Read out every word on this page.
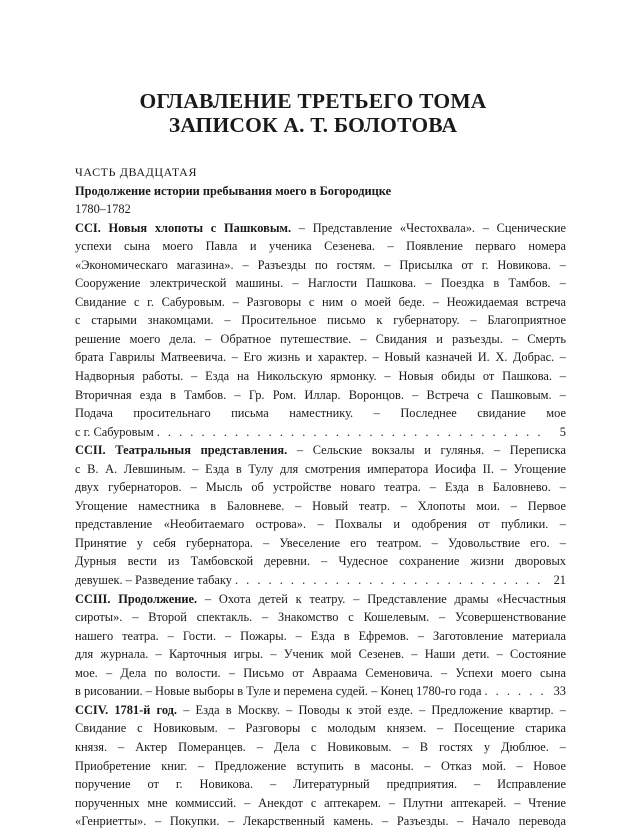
ОГЛАВЛЕНИЕ ТРЕТЬЕГО ТОМА
ЗАПИСОК А. Т. БОЛОТОВА
ЧАСТЬ ДВАДЦАТАЯ
Продолжение истории пребывания моего в Богородицке
1780–1782
CCI. Новыя хлопоты с Пашковым. – Представление «Честохвала». – Сценические
успехи сына моего Павла и ученика Сезенева. – Появление перваго номера
«Экономическаго магазина». – Разъезды по гостям. – Присылка от г. Новикова. –
Сооружение электрической машины. – Наглости Пашкова. – Поездка в Тамбов. –
Свидание с г. Сабуровым. – Разговоры с ним о моей беде. – Неожидаемая встреча
с старыми знакомцами. – Просительное письмо к губернатору. – Благоприятное
решение моего дела. – Обратное путешествие. – Свидания и разъезды. – Смерть
брата Гаврилы Матвеевича. – Его жизнь и характер. – Новый казначей И. Х. Добрас. –
Надворныя работы. – Езда на Никольскую ярмонку. – Новыя обиды от Пашкова. –
Вторичная езда в Тамбов. – Гр. Ром. Иллар. Воронцов. – Встреча с Пашковым. –
Подача просительнаго письма наместнику. – Последнее свидание мое
с г. Сабуровым . . .	5
CCII. Театральныя представления. – Сельские вокзалы и гулянья. – Переписка
с В. А. Левшиным. – Езда в Тулу для смотрения императора Иосифа II. – Угощение
двух губернаторов. – Мысль об устройстве новаго театра. – Езда в Баловнево. –
Угощение наместника в Баловневе. – Новый театр. – Хлопоты мои. – Первое
представление «Необитаемаго острова». – Похвалы и одобрения от публики. –
Принятие у себя губернатора. – Увеселение его театром. – Удовольствие его. –
Дурныя вести из Тамбовской деревни. – Чудесное сохранение жизни дворовых
девушек. – Разведение табаку . . .	21
CCIII. Продолжение. – Охота детей к театру. – Представление драмы «Несчастныя
сироты». – Второй спектакль. – Знакомство с Кошелевым. – Усовершенствование
нашего театра. – Гости. – Пожары. – Езда в Ефремов. – Заготовление материала
для журнала. – Карточныя игры. – Ученик мой Сезенев. – Наши дети. – Состояние
мое. – Дела по волости. – Письмо от Авраама Семеновича. – Успехи моего сына
в рисовании. – Новые выборы в Туле и перемена судей. – Конец 1780-го года . . .	33
CCIV. 1781-й год. – Езда в Москву. – Поводы к этой езде. – Предложение квартир. –
Свидание с Новиковым. – Разговоры с молодым князем. – Посещение старика
князя. – Актер Померанцев. – Дела с Новиковым. – В гостях у Дюблюе. –
Приобретение книг. – Предложение вступить в масоны. – Отказ мой. – Новое
поручение от г. Новикова. – Литературный предприятия. – Исправление
порученных мне коммиссий. – Анекдот с аптекарем. – Плутни аптекарей. – Чтение
«Генриетты». – Покупки. – Лекарственный камень. – Разъезды. – Начало перевода
